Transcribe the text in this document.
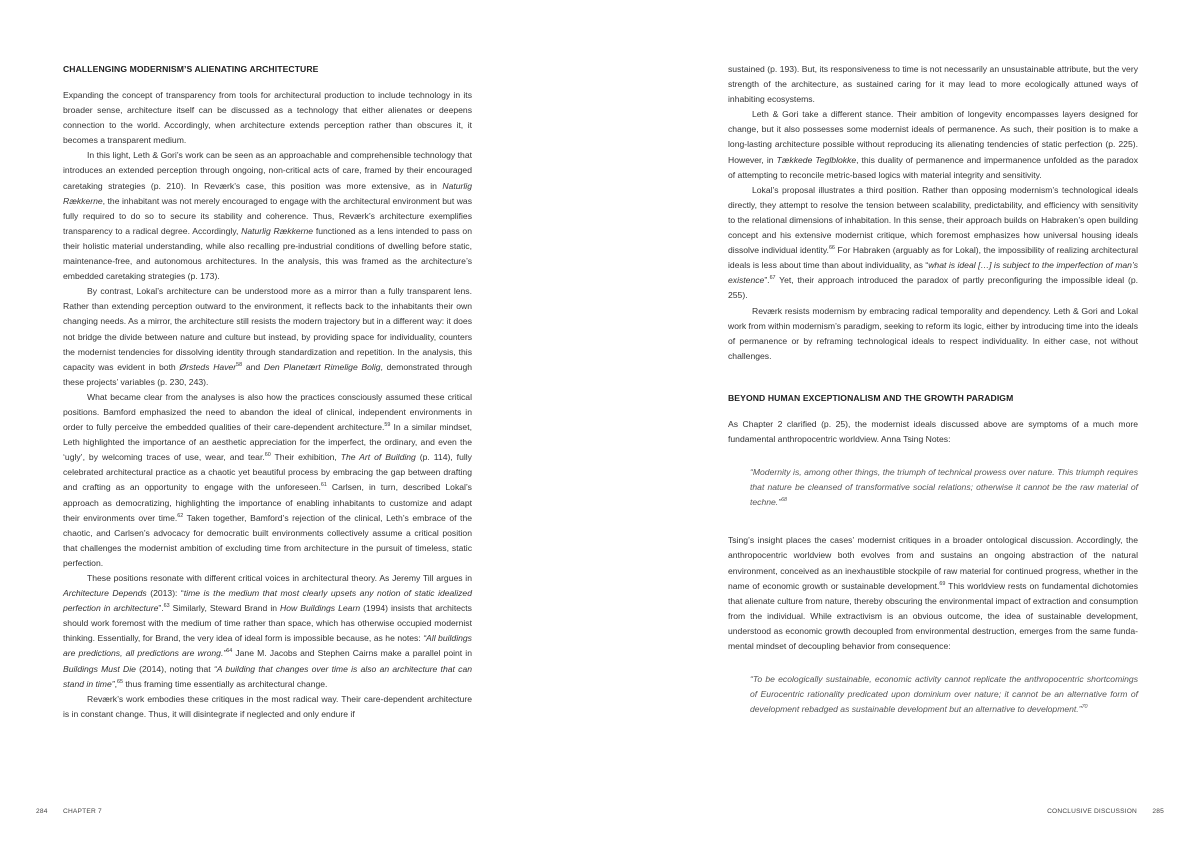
CHALLENGING MODERNISM’S ALIENATING ARCHITECTURE

Expanding the concept of transparency from tools for architectural production to include technology in its broader sense, architecture itself can be discussed as a technology that either alienates or deepens connection to the world. Accordingly, when architecture extends perception rather than obscures it, it becomes a transparent medium.

In this light, Leth & Gori’s work can be seen as an approachable and comprehensible technology that introduces an extended perception through ongoing, non-critical acts of care, framed by their encouraged caretaking strategies (p. 210). In Reværk’s case, this position was more extensive, as in Naturlig Rækkerne, the inhabitant was not merely encouraged to engage with the architectural environment but was fully required to do so to secure its stability and coherence. Thus, Reværk’s architecture exemplifies transparency to a radical degree. Accordingly, Naturlig Rækkerne functioned as a lens intended to pass on their holistic material understanding, while also recalling pre-industrial conditions of dwelling before static, maintenance-free, and autonomous architectures. In the analysis, this was framed as the architecture’s embedded caretaking strategies (p. 173).

By contrast, Lokal’s architecture can be understood more as a mirror than a fully transparent lens. Rather than extending perception outward to the environment, it reflects back to the inhabitants their own changing needs. As a mirror, the architecture still resists the modern trajectory but in a different way: it does not bridge the divide between nature and culture but instead, by providing space for individuality, counters the modernist tendencies for dissolving identity through standardization and repetition. In the analysis, this capacity was evident in both Ørsteds Haver$^{58}$ and Den Planetært Rimelige Bolig, demonstrated through these projects’ variables (p. 230, 243).

What became clear from the analyses is also how the practices consciously assumed these critical positions. Bamford emphasized the need to abandon the ideal of clinical, independent environments in order to fully perceive the embedded qualities of their care-dependent architecture.$^{59}$ In a similar mindset, Leth highlighted the importance of an aesthetic appreciation for the imperfect, the ordinary, and even the ‘ugly’, by welcoming traces of use, wear, and tear.$^{60}$ Their exhibition, The Art of Building (p. 114), fully celebrated architectural practice as a chaotic yet beautiful process by embracing the gap between drafting and crafting as an opportunity to engage with the unforeseen.$^{61}$ Carlsen, in turn, described Lokal’s approach as democratizing, highlighting the importance of enabling inhabitants to customize and adapt their environments over time.$^{62}$ Taken together, Bamford’s rejection of the clinical, Leth’s embrace of the chaotic, and Carlsen’s advocacy for democratic built environments collectively assume a critical position that challenges the modernist ambition of excluding time from architecture in the pursuit of timeless, static perfection.

These positions resonate with different critical voices in architectural theory. As Jeremy Till argues in Architecture Depends (2013): “time is the medium that most clearly upsets any notion of static idealized perfection in architecture”.$^{63}$ Similarly, Steward Brand in How Buildings Learn (1994) insists that architects should work foremost with the medium of time rather than space, which has otherwise occupied modernist thinking. Essentially, for Brand, the very idea of ideal form is impossible because, as he notes: “All buildings are predictions, all predictions are wrong.”$^{64}$ Jane M. Jacobs and Stephen Cairns make a parallel point in Buildings Must Die (2014), noting that “A building that changes over time is also an architecture that can stand in time”,$^{65}$ thus framing time essentially as architectural change.

Reværk’s work embodies these critiques in the most radical way. Their care-dependent architecture is in constant change. Thus, it will disintegrate if neglected and only endure if

284 CHAPTER 7

sustained (p. 193). But, its responsiveness to time is not necessarily an unsustainable attribute, but the very strength of the architecture, as sustained caring for it may lead to more ecologically attuned ways of inhabiting ecosystems.

Leth & Gori take a different stance. Their ambition of longevity encompasses layers designed for change, but it also possesses some modernist ideals of permanence. As such, their position is to make a long-lasting architecture possible without reproducing its alienating tendencies of static perfection (p. 225). However, in Tækkede Teglblokke, this duality of permanence and impermanence unfolded as the paradox of attempting to reconcile metric-based logics with material integrity and sensitivity.

Lokal’s proposal illustrates a third position. Rather than opposing modernism’s technological ideals directly, they attempt to resolve the tension between scalability, predictability, and efficiency with sensitivity to the relational dimensions of inhabitation. In this sense, their approach builds on Habraken’s open building concept and his extensive modernist critique, which foremost emphasizes how universal housing ideals dissolve individual identity.$^{66}$ For Habraken (arguably as for Lokal), the impossibility of realizing architectural ideals is less about time than about individuality, as “what is ideal […] is subject to the imperfection of man’s existence”.$^{67}$ Yet, their approach introduced the paradox of partly preconfiguring the impossible ideal (p. 255).

Reværk resists modernism by embracing radical temporality and dependency. Leth & Gori and Lokal work from within modernism’s paradigm, seeking to reform its logic, either by introducing time into the ideals of permanence or by reframing technological ideals to respect individuality. In either case, not without challenges.

BEYOND HUMAN EXCEPTIONALISM AND THE GROWTH PARADIGM

As Chapter 2 clarified (p. 25), the modernist ideals discussed above are symptoms of a much more fundamental anthropocentric worldview. Anna Tsing Notes:

“Modernity is, among other things, the triumph of technical prowess over nature. This triumph requires that nature be cleansed of transformative social relations; otherwise it cannot be the raw material of techne.”$^{68}$

Tsing’s insight places the cases’ modernist critiques in a broader ontological discussion. Accordingly, the anthropocentric worldview both evolves from and sustains an ongoing abstraction of the natural environment, conceived as an inexhaustible stockpile of raw material for continued progress, whether in the name of economic growth or sustainable development.$^{69}$ This worldview rests on fundamental dichotomies that alienate culture from nature, thereby obscuring the environmental impact of extraction and consumption from the individual. While extractivism is an obvious outcome, the idea of sustainable development, understood as economic growth decoupled from environmental destruction, emerges from the same fundamental mindset of decoupling behavior from consequence:

“To be ecologically sustainable, economic activity cannot replicate the anthropocentric shortcomings of Eurocentric rationality predicated upon dominium over nature; it cannot be an alternative form of development rebadged as sustainable development but an alternative to development.”$^{70}$

CONCLUSIVE DISCUSSION 285
